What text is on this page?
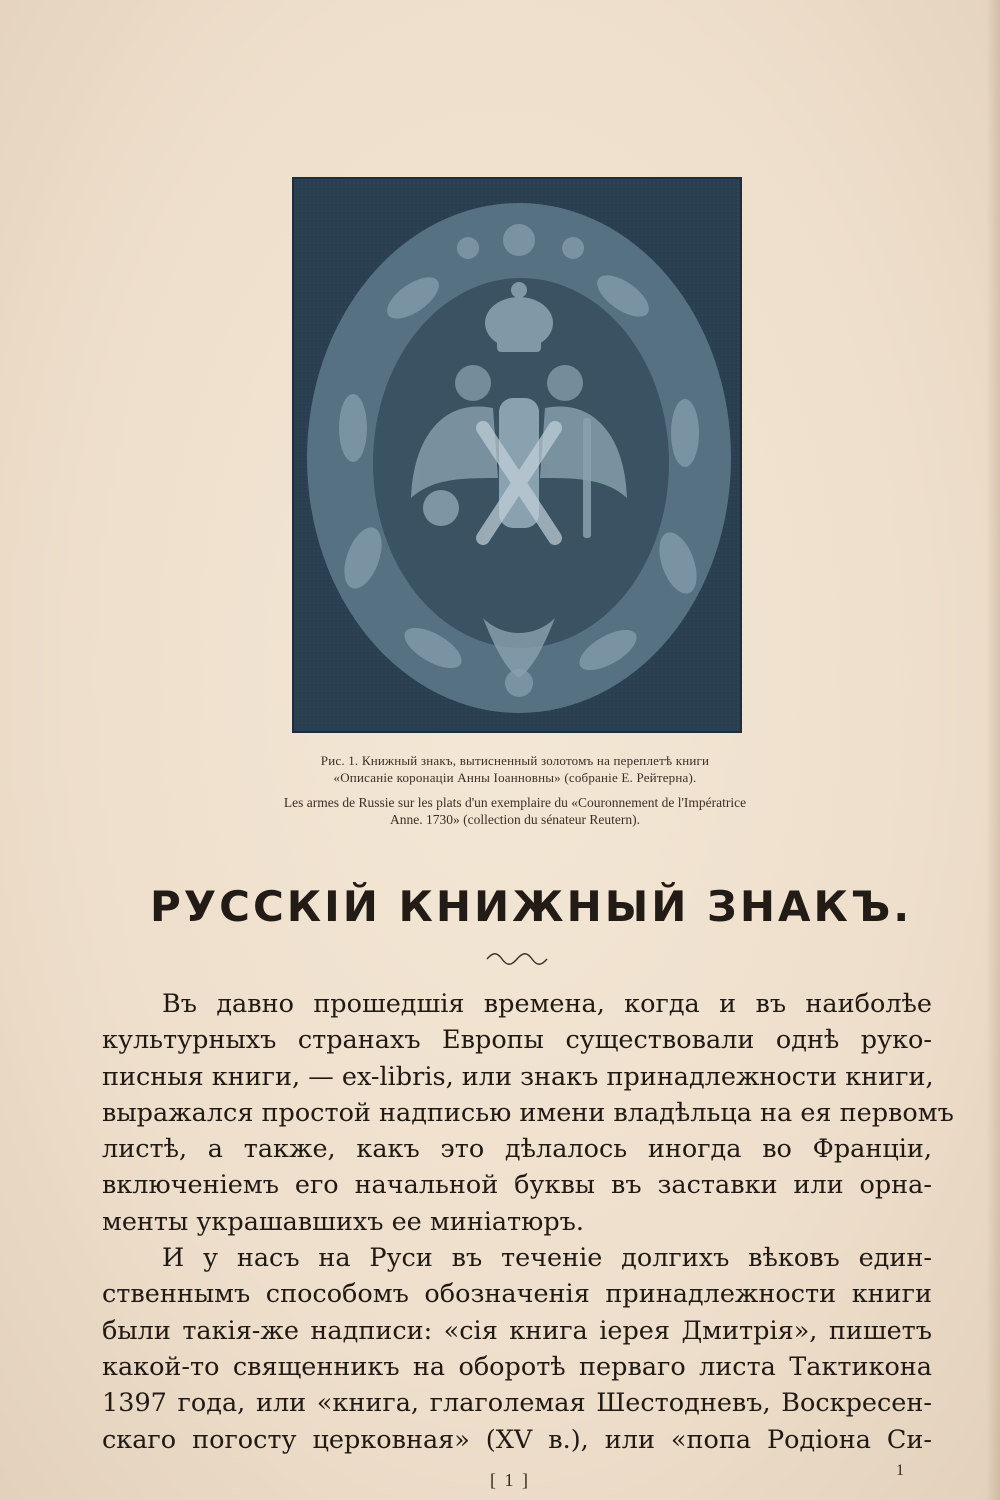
Рис. 1. Книжный знакъ, вытисненный золотомъ на переплетѣ книги
«Описаніе коронаціи Анны Іоанновны» (собраніе Е. Рейтерна).
Les armes de Russie sur les plats d'un exemplaire du «Couronnement de l'Impératrice
Anne. 1730» (collection du sénateur Reutern).
РУССКІЙ КНИЖНЫЙ ЗНАКЪ.
Въ давно прошедшія времена, когда и въ наиболѣе
культурныхъ странахъ Европы существовали однѣ руко-
писныя книги, — ex-libris, или знакъ принадлежности книги,
выражался простой надписью имени владѣльца на ея первомъ
листѣ, а также, какъ это дѣлалось иногда во Франціи,
включеніемъ его начальной буквы въ заставки или орна-
менты украшавшихъ ее миніатюръ.
И у насъ на Руси въ теченіе долгихъ вѣковъ един-
ственнымъ способомъ обозначенія принадлежности книги
были такія-же надписи: «сія книга іерея Дмитрія», пишетъ
какой-то священникъ на оборотѣ перваго листа Тактикона
1397 года, или «книга, глаголемая Шестодневъ, Воскресен-
скаго погосту церковная» (XV в.), или «попа Родіона Си-
[ 1 ]	1
